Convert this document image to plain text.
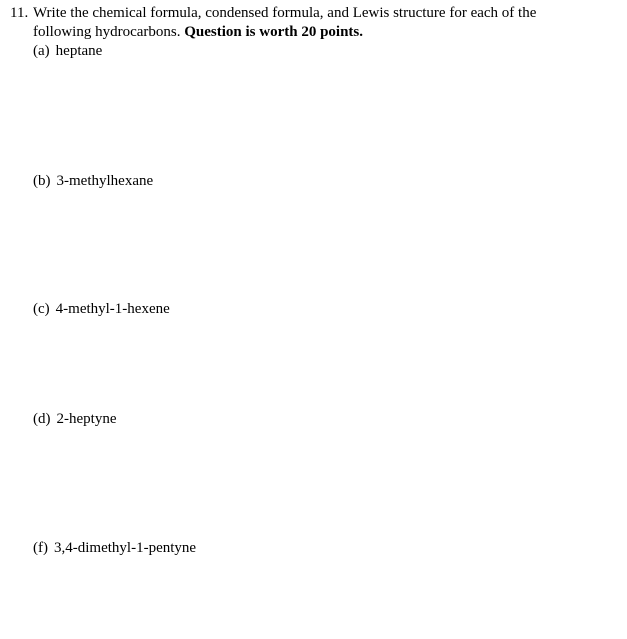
11. Write the chemical formula, condensed formula, and Lewis structure for each of the
following hydrocarbons. Question is worth 20 points.
(a) heptane
(b) 3-methylhexane
(c) 4-methyl-1-hexene
(d) 2-heptyne
(f) 3,4-dimethyl-1-pentyne
